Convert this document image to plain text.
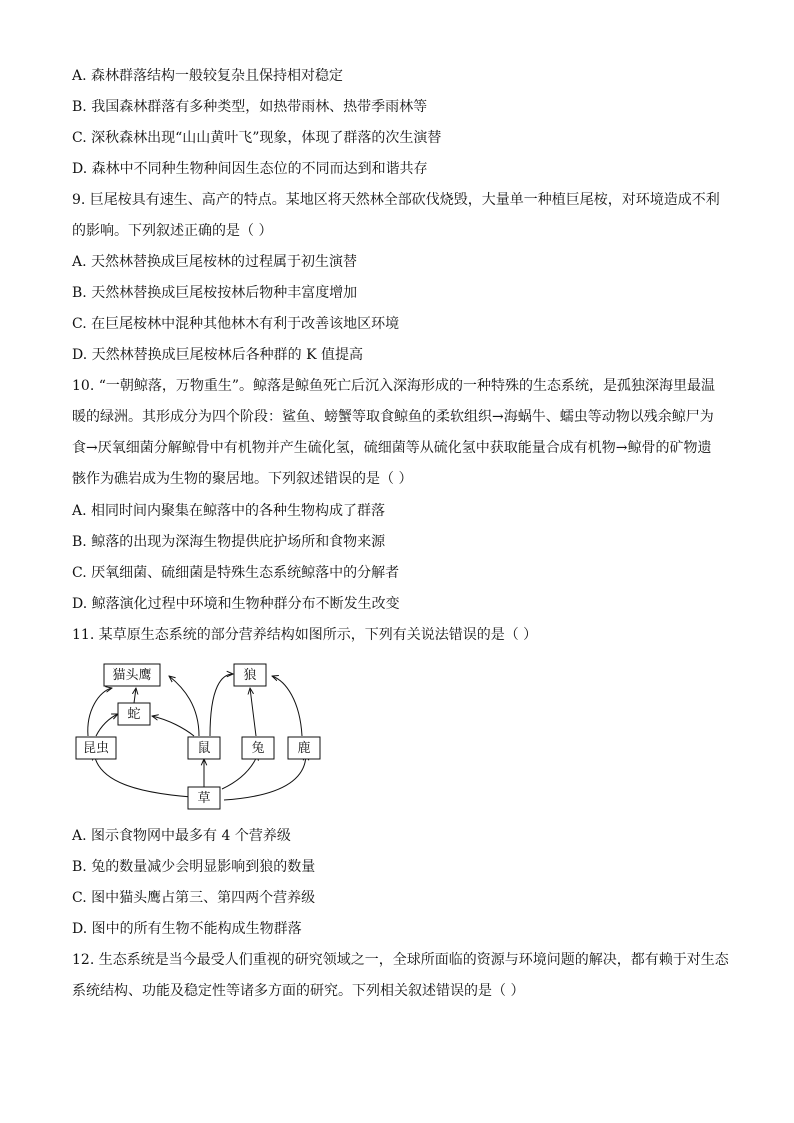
A. 森林群落结构一般较复杂且保持相对稳定
B. 我国森林群落有多种类型，如热带雨林、热带季雨林等
C. 深秋森林出现“山山黄叶飞”现象，体现了群落的次生演替
D. 森林中不同种生物种间因生态位的不同而达到和谐共存
9. 巨尾桉具有速生、高产的特点。某地区将天然林全部砍伐烧毁，大量单一种植巨尾桉，对环境造成不利
的影响。下列叙述正确的是（ ）
A. 天然林替换成巨尾桉林的过程属于初生演替
B. 天然林替换成巨尾桉按林后物种丰富度增加
C. 在巨尾桉林中混种其他林木有利于改善该地区环境
D. 天然林替换成巨尾桉林后各种群的 K 值提高
10. “一朝鲸落，万物重生”。鲸落是鲸鱼死亡后沉入深海形成的一种特殊的生态系统，是孤独深海里最温
暖的绿洲。其形成分为四个阶段：鲨鱼、螃蟹等取食鲸鱼的柔软组织→海蜗牛、蠕虫等动物以残余鲸尸为
食→厌氧细菌分解鲸骨中有机物并产生硫化氢，硫细菌等从硫化氢中获取能量合成有机物→鲸骨的矿物遗
骸作为礁岩成为生物的聚居地。下列叙述错误的是（ ）
A. 相同时间内聚集在鲸落中的各种生物构成了群落
B. 鲸落的出现为深海生物提供庇护场所和食物来源
C. 厌氧细菌、硫细菌是特殊生态系统鲸落中的分解者
D. 鲸落演化过程中环境和生物种群分布不断发生改变
11. 某草原生态系统的部分营养结构如图所示，下列有关说法错误的是（ ）
猫头鹰	狼
蛇
昆虫	鼠	兔	鹿
草
A. 图示食物网中最多有 4 个营养级
B. 兔的数量减少会明显影响到狼的数量
C. 图中猫头鹰占第三、第四两个营养级
D. 图中的所有生物不能构成生物群落
12. 生态系统是当今最受人们重视的研究领域之一，全球所面临的资源与环境问题的解决，都有赖于对生态
系统结构、功能及稳定性等诸多方面的研究。下列相关叙述错误的是（ ）
